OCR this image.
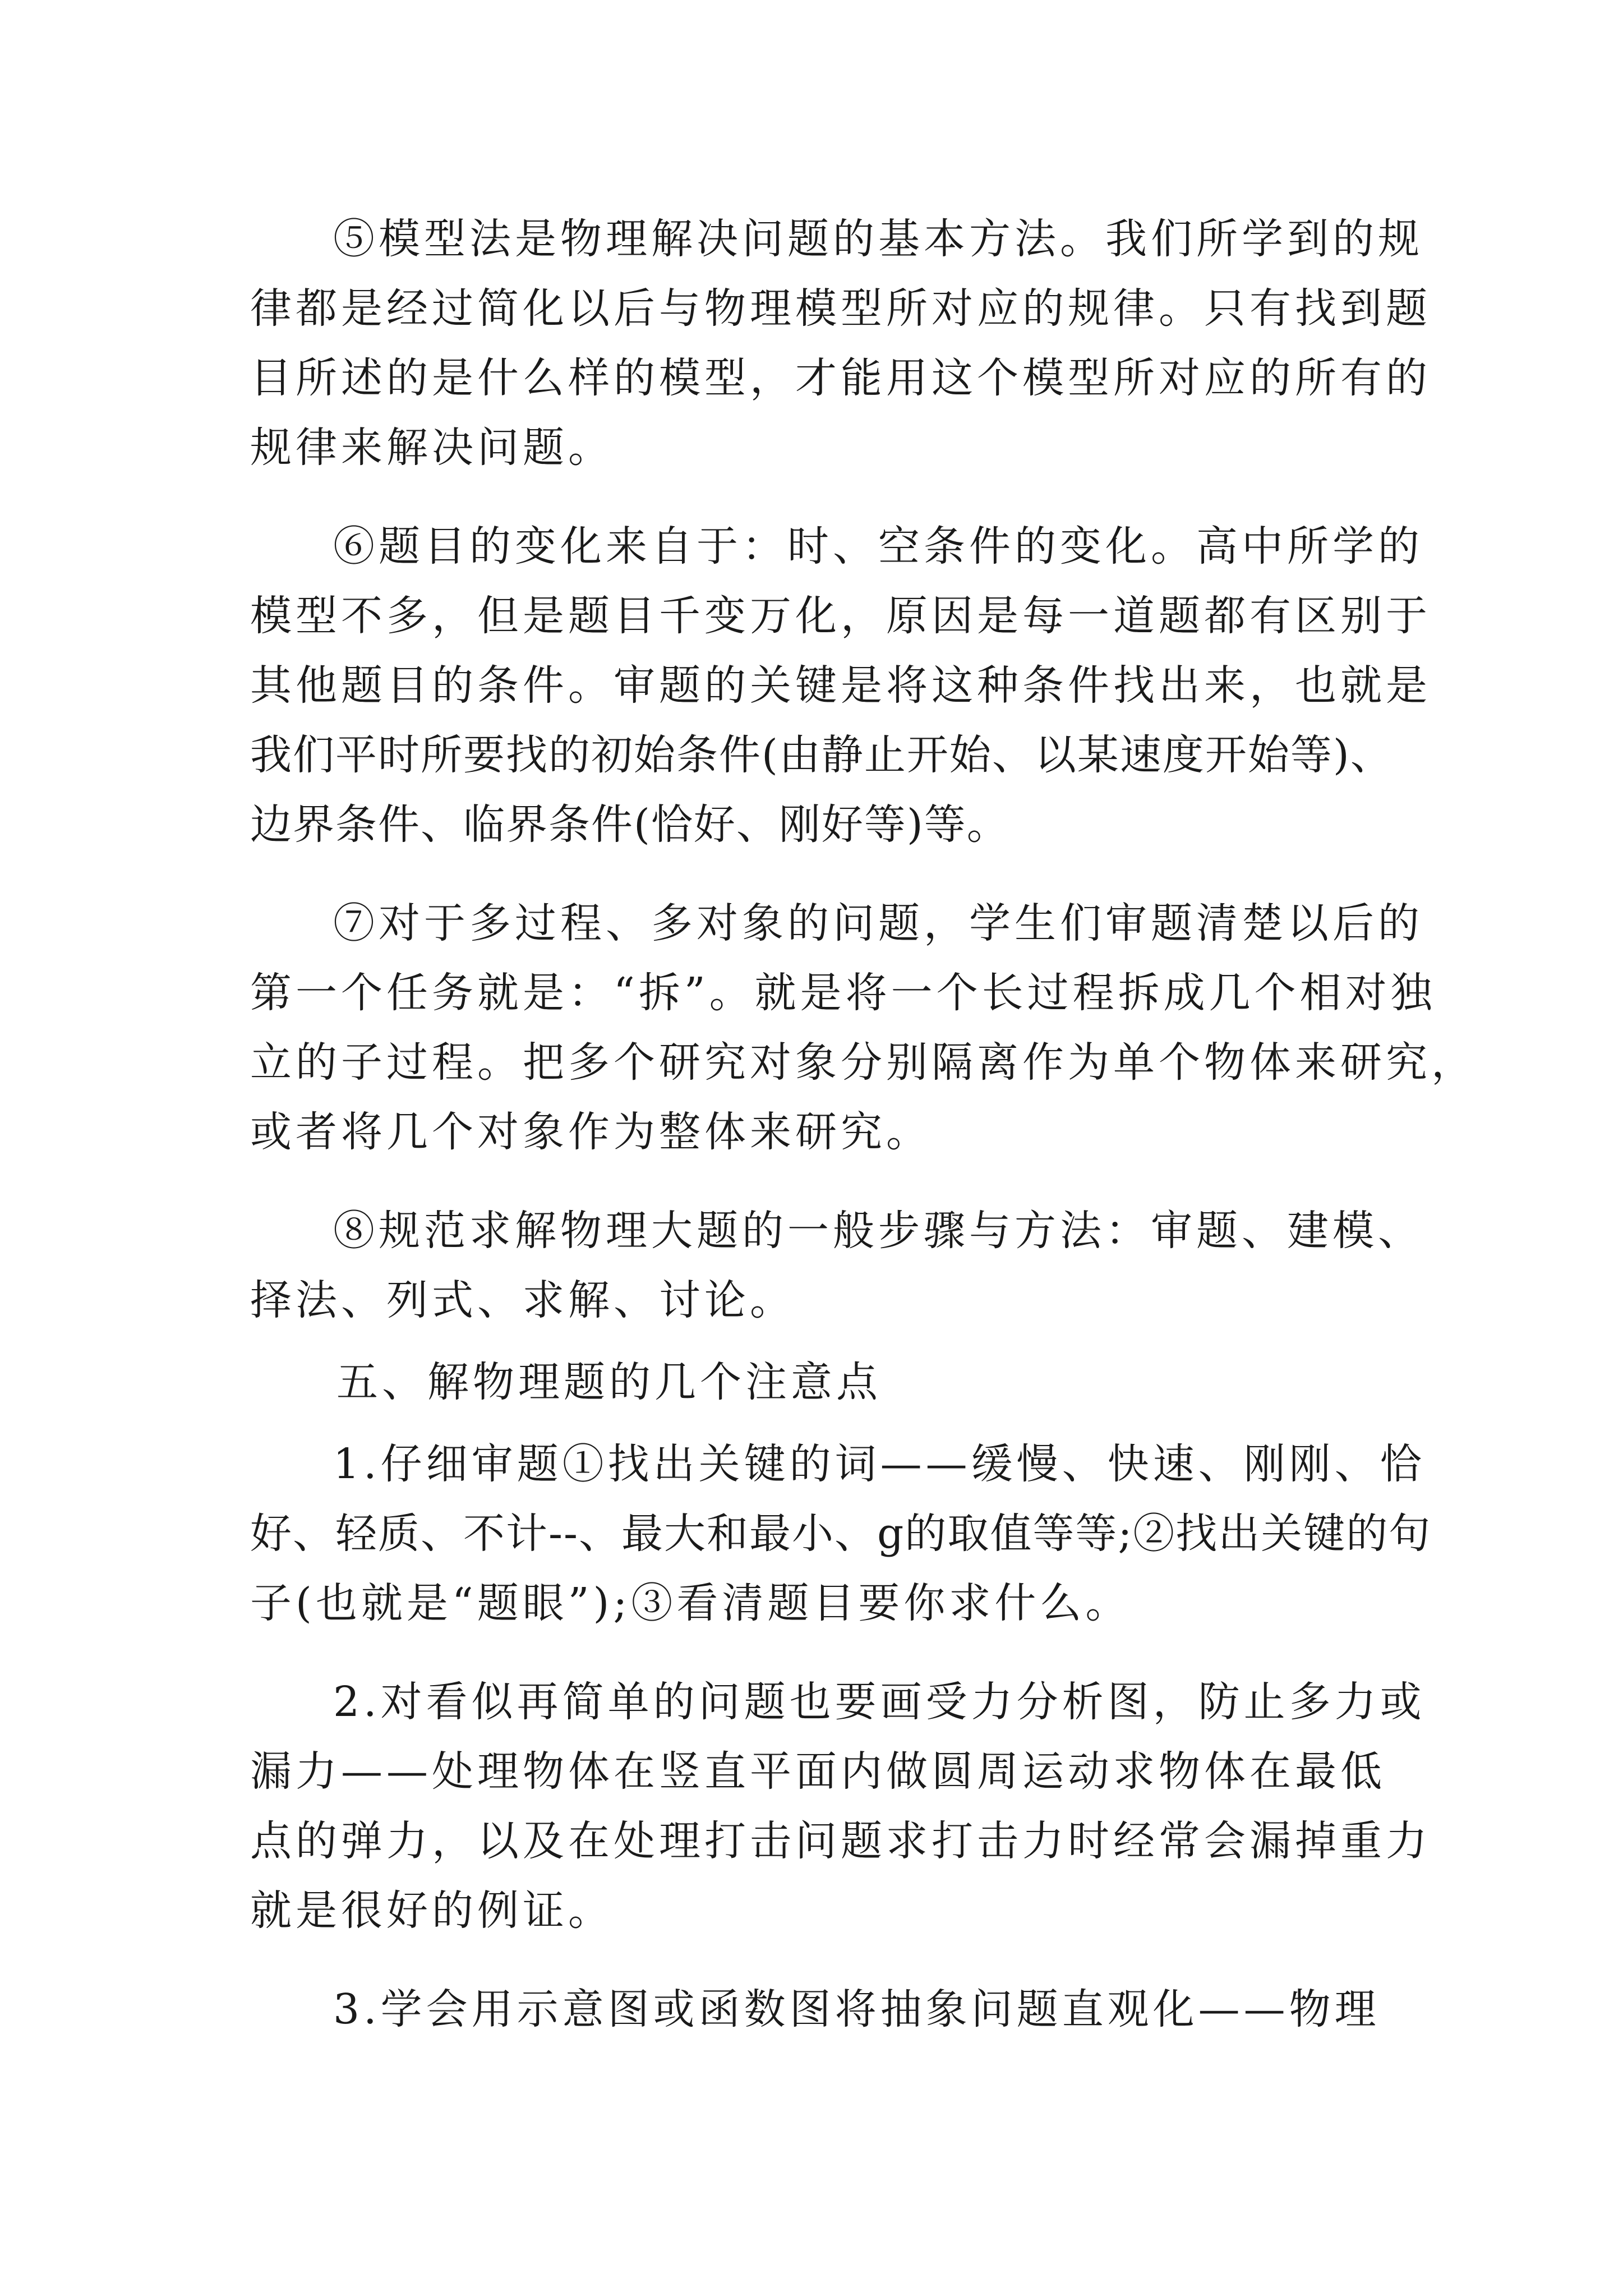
⑤模型法是物理解决问题的基本方法。我们所学到的规
律都是经过简化以后与物理模型所对应的规律。只有找到题
目所述的是什么样的模型，才能用这个模型所对应的所有的
规律来解决问题。
⑥题目的变化来自于：时、空条件的变化。高中所学的
模型不多，但是题目千变万化，原因是每一道题都有区别于
其他题目的条件。审题的关键是将这种条件找出来，也就是
我们平时所要找的初始条件(由静止开始、以某速度开始等)、
边界条件、临界条件(恰好、刚好等)等。
⑦对于多过程、多对象的问题，学生们审题清楚以后的
第一个任务就是：“拆”。就是将一个长过程拆成几个相对独
立的子过程。把多个研究对象分别隔离作为单个物体来研究，
或者将几个对象作为整体来研究。
⑧规范求解物理大题的一般步骤与方法：审题、建模、
择法、列式、求解、讨论。
五、解物理题的几个注意点
1.仔细审题①找出关键的词——缓慢、快速、刚刚、恰
好、轻质、不计--、最大和最小、g的取值等等;②找出关键的句
子(也就是“题眼”);③看清题目要你求什么。
2.对看似再简单的问题也要画受力分析图，防止多力或
漏力——处理物体在竖直平面内做圆周运动求物体在最低
点的弹力，以及在处理打击问题求打击力时经常会漏掉重力
就是很好的例证。
3.学会用示意图或函数图将抽象问题直观化——物理
